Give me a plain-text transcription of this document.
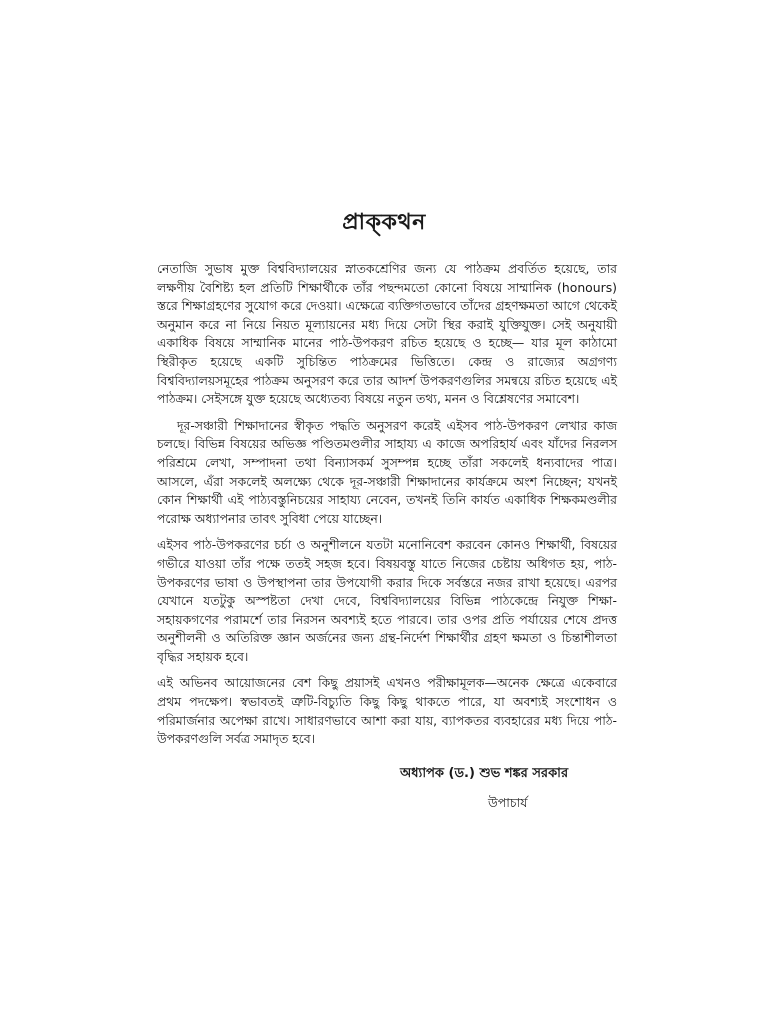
প্রাক্‌কথন

নেতাজি সুভাষ মুক্ত বিশ্ববিদ্যালয়ের স্নাতকশ্রেণির জন্য যে পাঠক্রম প্রবর্তিত হয়েছে, তার লক্ষণীয় বৈশিষ্ট্য হল প্রতিটি শিক্ষার্থীকে তাঁর পছন্দমতো কোনো বিষয়ে সাম্মানিক (honours) স্তরে শিক্ষাগ্রহণের সুযোগ করে দেওয়া। এক্ষেত্রে ব্যক্তিগতভাবে তাঁদের গ্রহণক্ষমতা আগে থেকেই অনুমান করে না নিয়ে নিয়ত মূল্যায়নের মধ্য দিয়ে সেটা স্থির করাই যুক্তিযুক্ত। সেই অনুযায়ী একাধিক বিষয়ে সাম্মানিক মানের পাঠ-উপকরণ রচিত হয়েছে ও হচ্ছে— যার মূল কাঠামো স্থিরীকৃত হয়েছে একটি সুচিন্তিত পাঠক্রমের ভিত্তিতে। কেন্দ্র ও রাজ্যের অগ্রগণ্য বিশ্ববিদ্যালয়সমূহের পাঠক্রম অনুসরণ করে তার আদর্শ উপকরণগুলির সমন্বয়ে রচিত হয়েছে এই পাঠক্রম। সেইসঙ্গে যুক্ত হয়েছে অধ্যেতব্য বিষয়ে নতুন তথ্য, মনন ও বিশ্লেষণের সমাবেশ।

দূর-সঞ্চারী শিক্ষাদানের স্বীকৃত পদ্ধতি অনুসরণ করেই এইসব পাঠ-উপকরণ লেখার কাজ চলছে। বিভিন্ন বিষয়ের অভিজ্ঞ পণ্ডিতমণ্ডলীর সাহায্য এ কাজে অপরিহার্য এবং যাঁদের নিরলস পরিশ্রমে লেখা, সম্পাদনা তথা বিন্যাসকর্ম সুসম্পন্ন হচ্ছে তাঁরা সকলেই ধন্যবাদের পাত্র। আসলে, এঁরা সকলেই অলক্ষ্যে থেকে দূর-সঞ্চারী শিক্ষাদানের কার্যক্রমে অংশ নিচ্ছেন; যখনই কোন শিক্ষার্থী এই পাঠ্যবস্তুনিচয়ের সাহায্য নেবেন, তখনই তিনি কার্যত একাধিক শিক্ষকমণ্ডলীর পরোক্ষ অধ্যাপনার তাবৎ সুবিধা পেয়ে যাচ্ছেন।

এইসব পাঠ-উপকরণের চর্চা ও অনুশীলনে যতটা মনোনিবেশ করবেন কোনও শিক্ষার্থী, বিষয়ের গভীরে যাওয়া তাঁর পক্ষে ততই সহজ হবে। বিষয়বস্তু যাতে নিজের চেষ্টায় অধিগত হয়, পাঠ-উপকরণের ভাষা ও উপস্থাপনা তার উপযোগী করার দিকে সর্বস্তরে নজর রাখা হয়েছে। এরপর যেখানে যতটুকু অস্পষ্টতা দেখা দেবে, বিশ্ববিদ্যালয়ের বিভিন্ন পাঠকেন্দ্রে নিযুক্ত শিক্ষা-সহায়কগণের পরামর্শে তার নিরসন অবশ্যই হতে পারবে। তার ওপর প্রতি পর্যায়ের শেষে প্রদত্ত অনুশীলনী ও অতিরিক্ত জ্ঞান অর্জনের জন্য গ্রন্থ-নির্দেশ শিক্ষার্থীর গ্রহণ ক্ষমতা ও চিন্তাশীলতা বৃদ্ধির সহায়ক হবে।

এই অভিনব আয়োজনের বেশ কিছু প্রয়াসই এখনও পরীক্ষামূলক—অনেক ক্ষেত্রে একেবারে প্রথম পদক্ষেপ। স্বভাবতই ত্রুটি-বিচ্যুতি কিছু কিছু থাকতে পারে, যা অবশ্যই সংশোধন ও পরিমার্জনার অপেক্ষা রাখে। সাধারণভাবে আশা করা যায়, ব্যাপকতর ব্যবহারের মধ্য দিয়ে পাঠ-উপকরণগুলি সর্বত্র সমাদৃত হবে।

অধ্যাপক (ড.) শুভ শঙ্কর সরকার
উপাচার্য
